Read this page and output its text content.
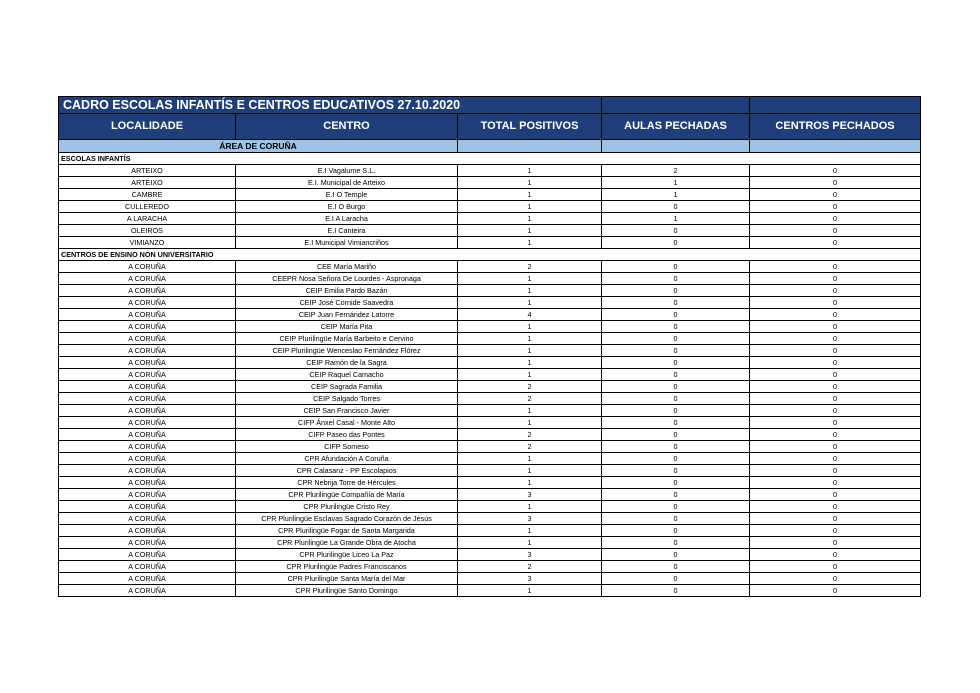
CADRO ESCOLAS INFANTÍS E CENTROS EDUCATIVOS 27.10.2020				
LOCALIDADE	CENTRO	TOTAL POSITIVOS	AULAS PECHADAS	CENTROS PECHADOS
ÁREA DE CORUÑA				
ESCOLAS INFANTÍS				
ARTEIXO	E.I Vagalume S.L.	1	2	0
ARTEIXO	E.I. Municipal de Arteixo	1	1	0
CAMBRE	E.I O Temple	1	1	0
CULLEREDO	E.I O Burgo	1	0	0
A LARACHA	E.I A Laracha	1	1	0
OLEIROS	E.I Canteira	1	0	0
VIMIANZO	E.I Municipal Vimiancriños	1	0	0
CENTROS DE ENSINO NON UNIVERSITARIO				
A CORUÑA	CEE María Mariño	2	0	0
A CORUÑA	CEEPR Nosa Señora De Lourdes - Aspronaga	1	0	0
A CORUÑA	CEIP Emilia Pardo Bazán	1	0	0
A CORUÑA	CEIP José Cornide Saavedra	1	0	0
A CORUÑA	CEIP Juan Fernández Latorre	4	0	0
A CORUÑA	CEIP María Pita	1	0	0
A CORUÑA	CEIP Plurilingüe María Barbeito e Cervino	1	0	0
A CORUÑA	CEIP Plurilingüe Wenceslao Fernández Flórez	1	0	0
A CORUÑA	CEIP Ramón de la Sagra	1	0	0
A CORUÑA	CEIP Raquel Camacho	1	0	0
A CORUÑA	CEIP Sagrada Familia	2	0	0
A CORUÑA	CEIP Salgado Torres	2	0	0
A CORUÑA	CEIP San Francisco Javier	1	0	0
A CORUÑA	CIFP Ánxel Casal - Monte Alto	1	0	0
A CORUÑA	CIFP Paseo das Pontes	2	0	0
A CORUÑA	CIFP Someso	2	0	0
A CORUÑA	CPR Afundación A Coruña	1	0	0
A CORUÑA	CPR Calasanz - PP Escolapios	1	0	0
A CORUÑA	CPR Nebrija Torre de Hércules	1	0	0
A CORUÑA	CPR Plurilingüe Compañía de María	3	0	0
A CORUÑA	CPR Plurilingüe Cristo Rey	1	0	0
A CORUÑA	CPR Plurilingüe Esclavas Sagrado Corazón de Jesús	3	0	0
A CORUÑA	CPR Plurilingüe Fogar de Santa Margarida	1	0	0
A CORUÑA	CPR Plurilingüe La Grande Obra de Atocha	1	0	0
A CORUÑA	CPR Plurilingüe Liceo La Paz	3	0	0
A CORUÑA	CPR Plurilingüe Padres Franciscanos	2	0	0
A CORUÑA	CPR Plurilingüe Santa María del Mar	3	0	0
A CORUÑA	CPR Plurilingüe Santo Domingo	1	0	0
